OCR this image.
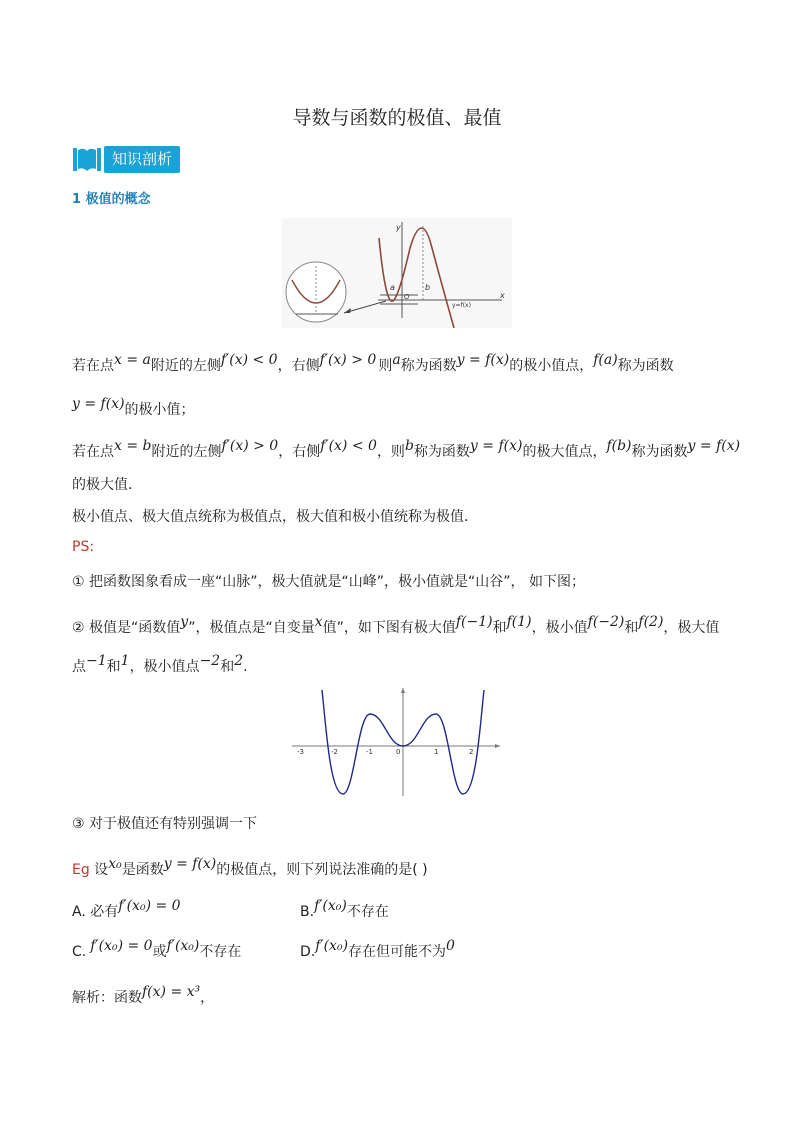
导数与函数的极值、最值
知识剖析
1 极值的概念
y
x
a	b
O
y=f(x)
若在点x = a附近的左侧f′(x) < 0，右侧f′(x) > 0 则a称为函数y = f(x)的极小值点，f(a)称为函数
y = f(x)的极小值；
若在点x = b附近的左侧f′(x) > 0，右侧f′(x) < 0，则b称为函数y = f(x)的极大值点，f(b)称为函数y = f(x)
的极大值．
极小值点、极大值点统称为极值点，极大值和极小值统称为极值．
PS:
① 把函数图象看成一座“山脉”，极大值就是“山峰”，极小值就是“山谷”， 如下图；
② 极值是“函数值y”，极值点是“自变量x值”，如下图有极大值f(−1)和f(1)，极小值f(−2)和f(2)，极大值
点−1和1，极小值点−2和2.
-3	-2	-1	0	1	2
③ 对于极值还有特别强调一下
Eg 设x₀是函数y = f(x)的极值点，则下列说法准确的是( )
A. 必有f′(x₀) = 0	B.f′(x₀)不存在
C. f′(x₀) = 0或f′(x₀)不存在	D.f′(x₀)存在但可能不为0
解析：函数f(x) = x³，
